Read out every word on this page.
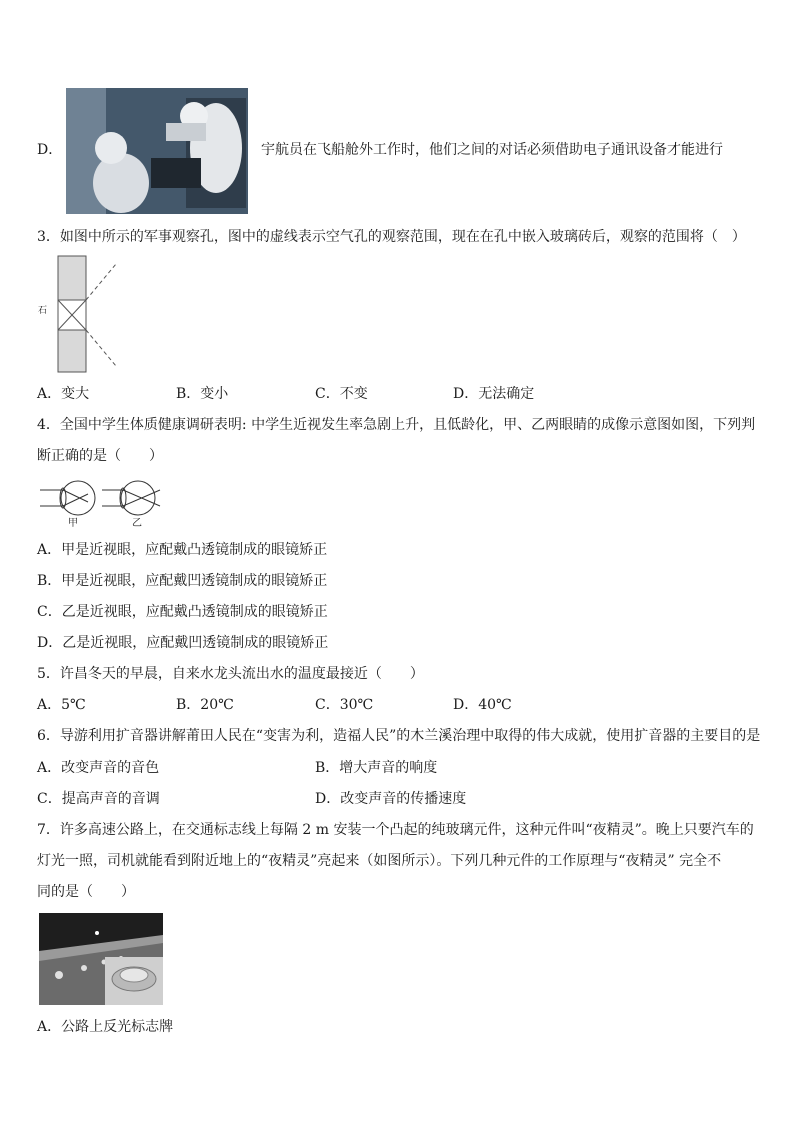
D．	宇航员在飞船舱外工作时，他们之间的对话必须借助电子通讯设备才能进行
3．如图中所示的军事观察孔，图中的虚线表示空气孔的观察范围，现在在孔中嵌入玻璃砖后，观察的范围将（　）
石
A．变大	B．变小	C．不变	D．无法确定
4．全国中学生体质健康调研表明: 中学生近视发生率急剧上升，且低龄化，甲、乙两眼睛的成像示意图如图，下列判
断正确的是（　　）
甲	乙
A．甲是近视眼，应配戴凸透镜制成的眼镜矫正
B．甲是近视眼，应配戴凹透镜制成的眼镜矫正
C．乙是近视眼，应配戴凸透镜制成的眼镜矫正
D．乙是近视眼，应配戴凹透镜制成的眼镜矫正
5．许昌冬天的早晨，自来水龙头流出水的温度最接近（　　）
A．5℃	B．20℃	C．30℃	D．40℃
6．导游利用扩音器讲解莆田人民在“变害为利，造福人民”的木兰溪治理中取得的伟大成就，使用扩音器的主要目的是
A．改变声音的音色	B．增大声音的响度
C．提高声音的音调	D．改变声音的传播速度
7．许多高速公路上，在交通标志线上每隔 2 m 安装一个凸起的纯玻璃元件，这种元件叫“夜精灵”。晚上只要汽车的
灯光一照，司机就能看到附近地上的“夜精灵”亮起来（如图所示）。下列几种元件的工作原理与“夜精灵” 完全不
同的是（　　）
A．公路上反光标志牌
